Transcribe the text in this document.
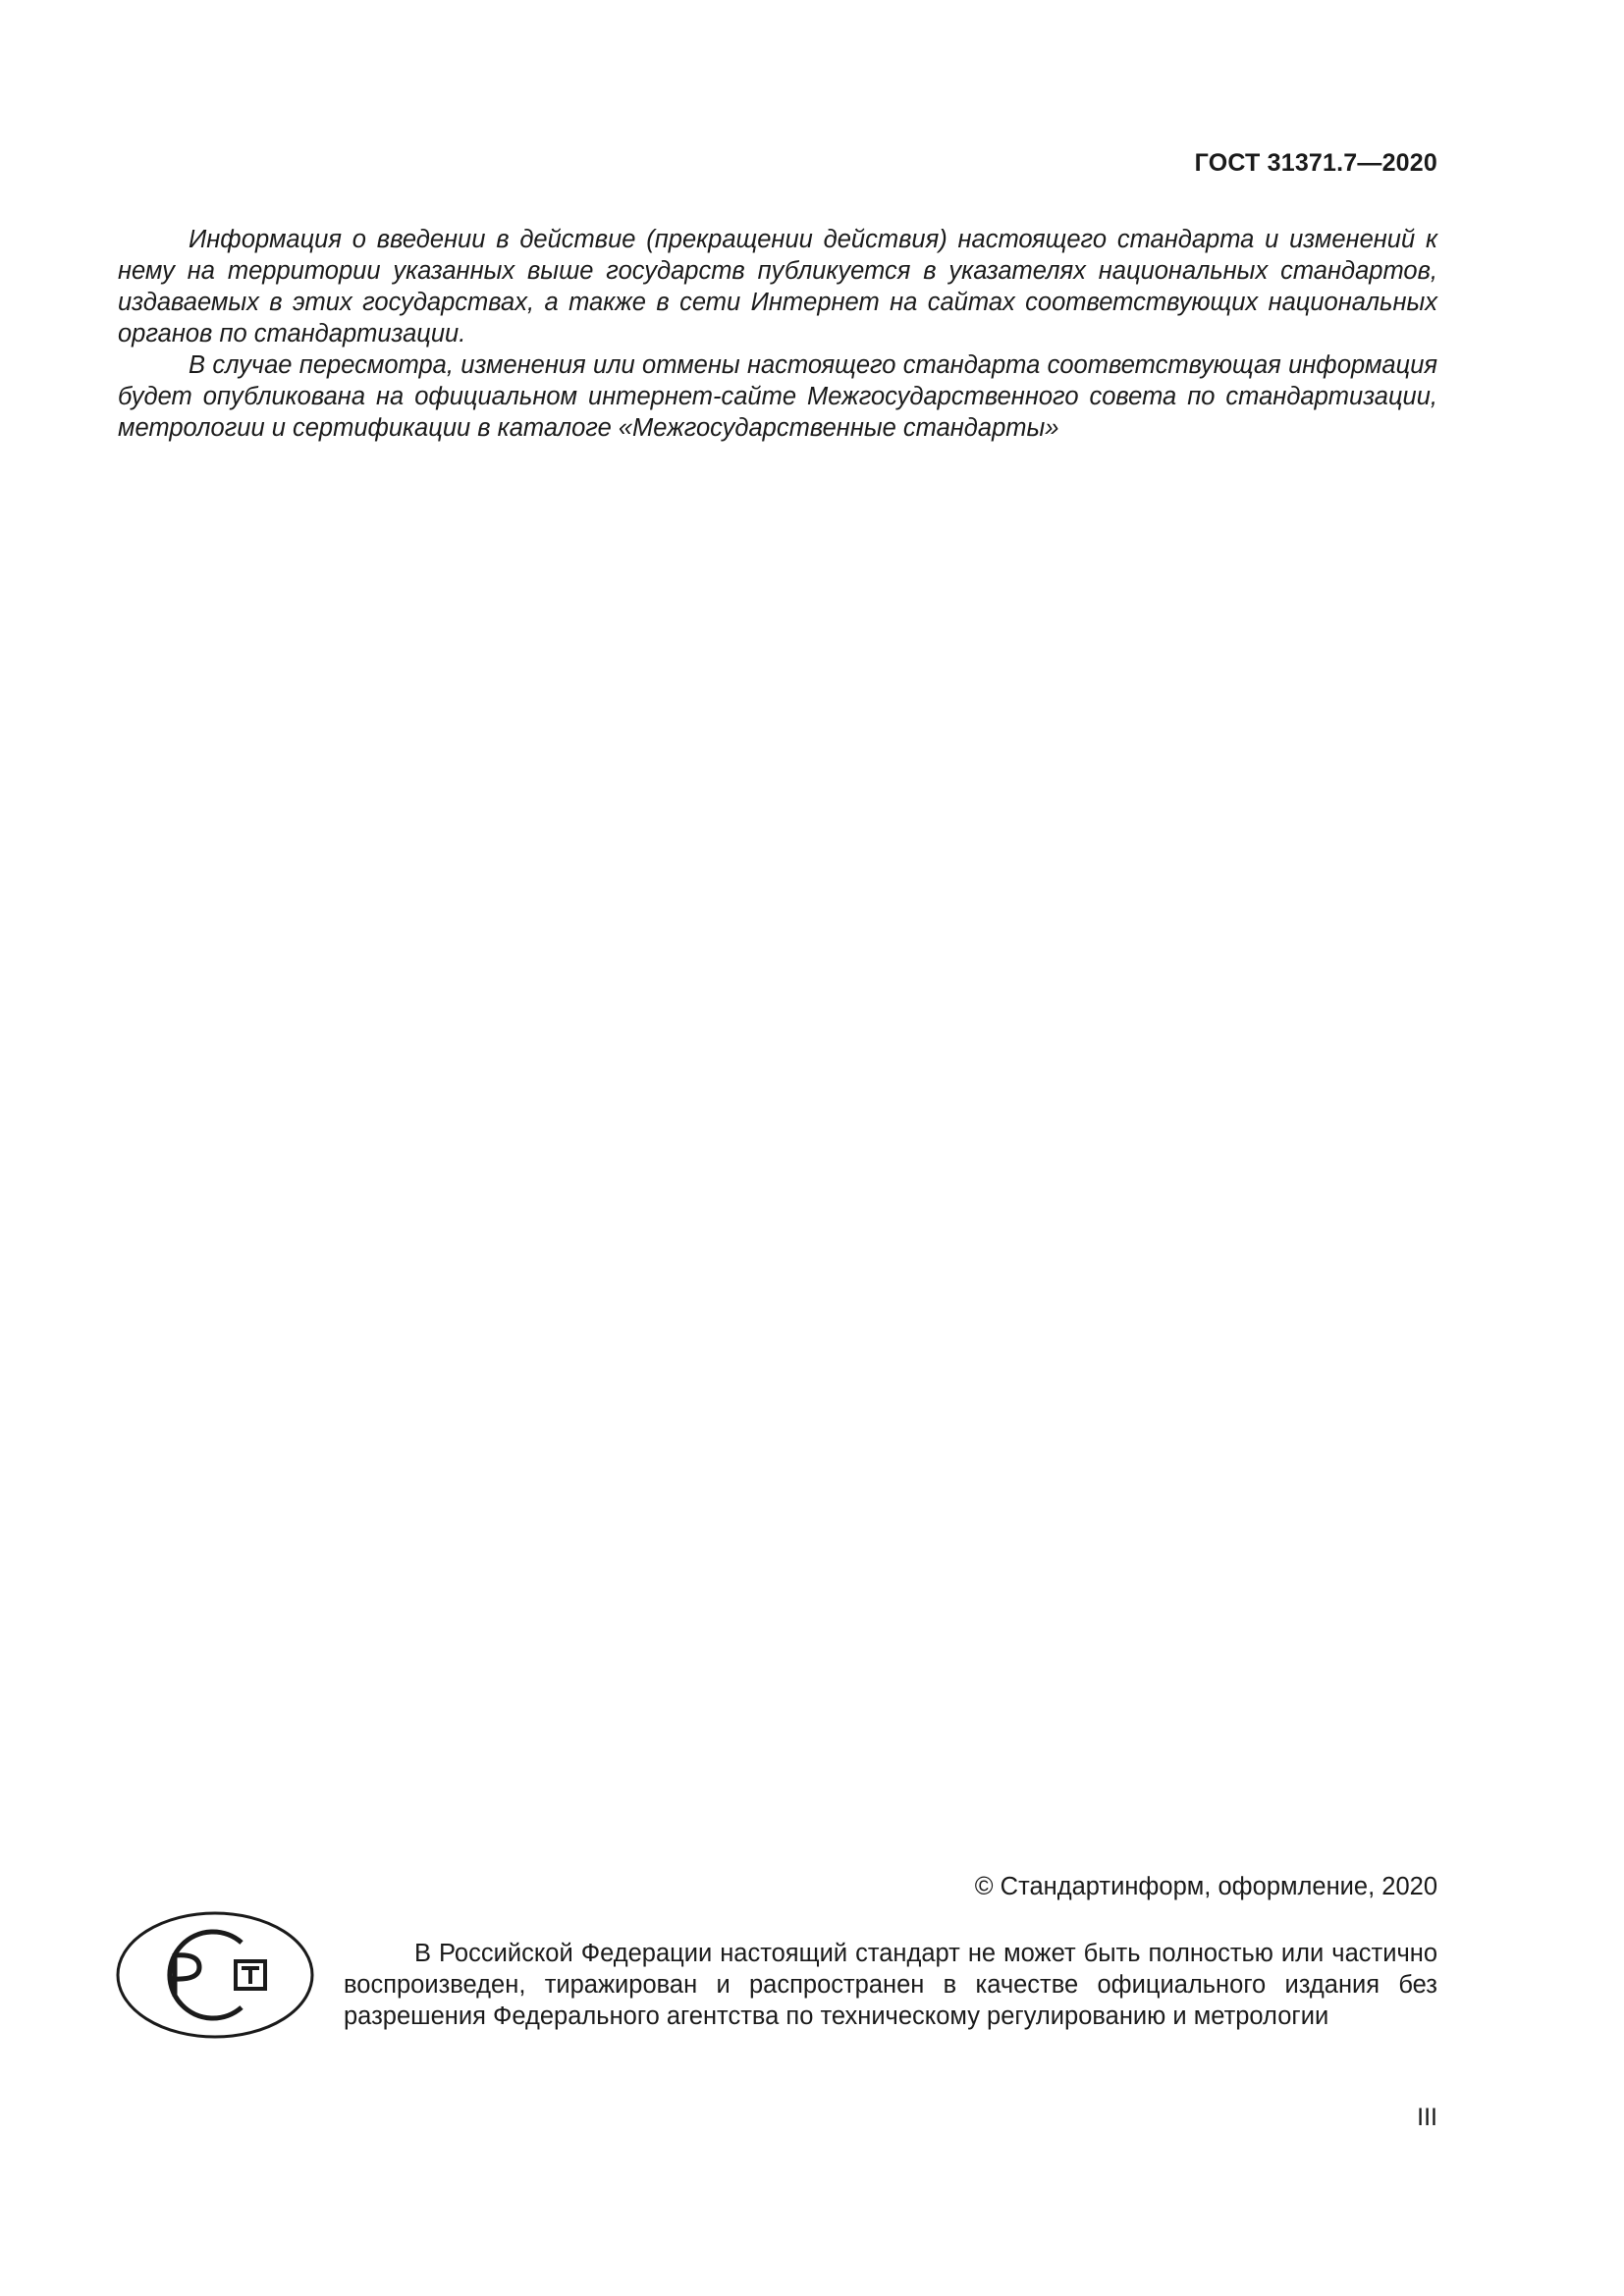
ГОСТ 31371.7—2020

Информация о введении в действие (прекращении действия) настоящего стандарта и изменений к нему на территории указанных выше государств публикуется в указателях национальных стандартов, издаваемых в этих государствах, а также в сети Интернет на сайтах соответствующих национальных органов по стандартизации.

В случае пересмотра, изменения или отмены настоящего стандарта соответствующая информация будет опубликована на официальном интернет-сайте Межгосударственного совета по стандартизации, метрологии и сертификации в каталоге «Межгосударственные стандарты»

© Стандартинформ, оформление, 2020

В Российской Федерации настоящий стандарт не может быть полностью или частично воспроизведен, тиражирован и распространен в качестве официального издания без разрешения Федерального агентства по техническому регулированию и метрологии

III
